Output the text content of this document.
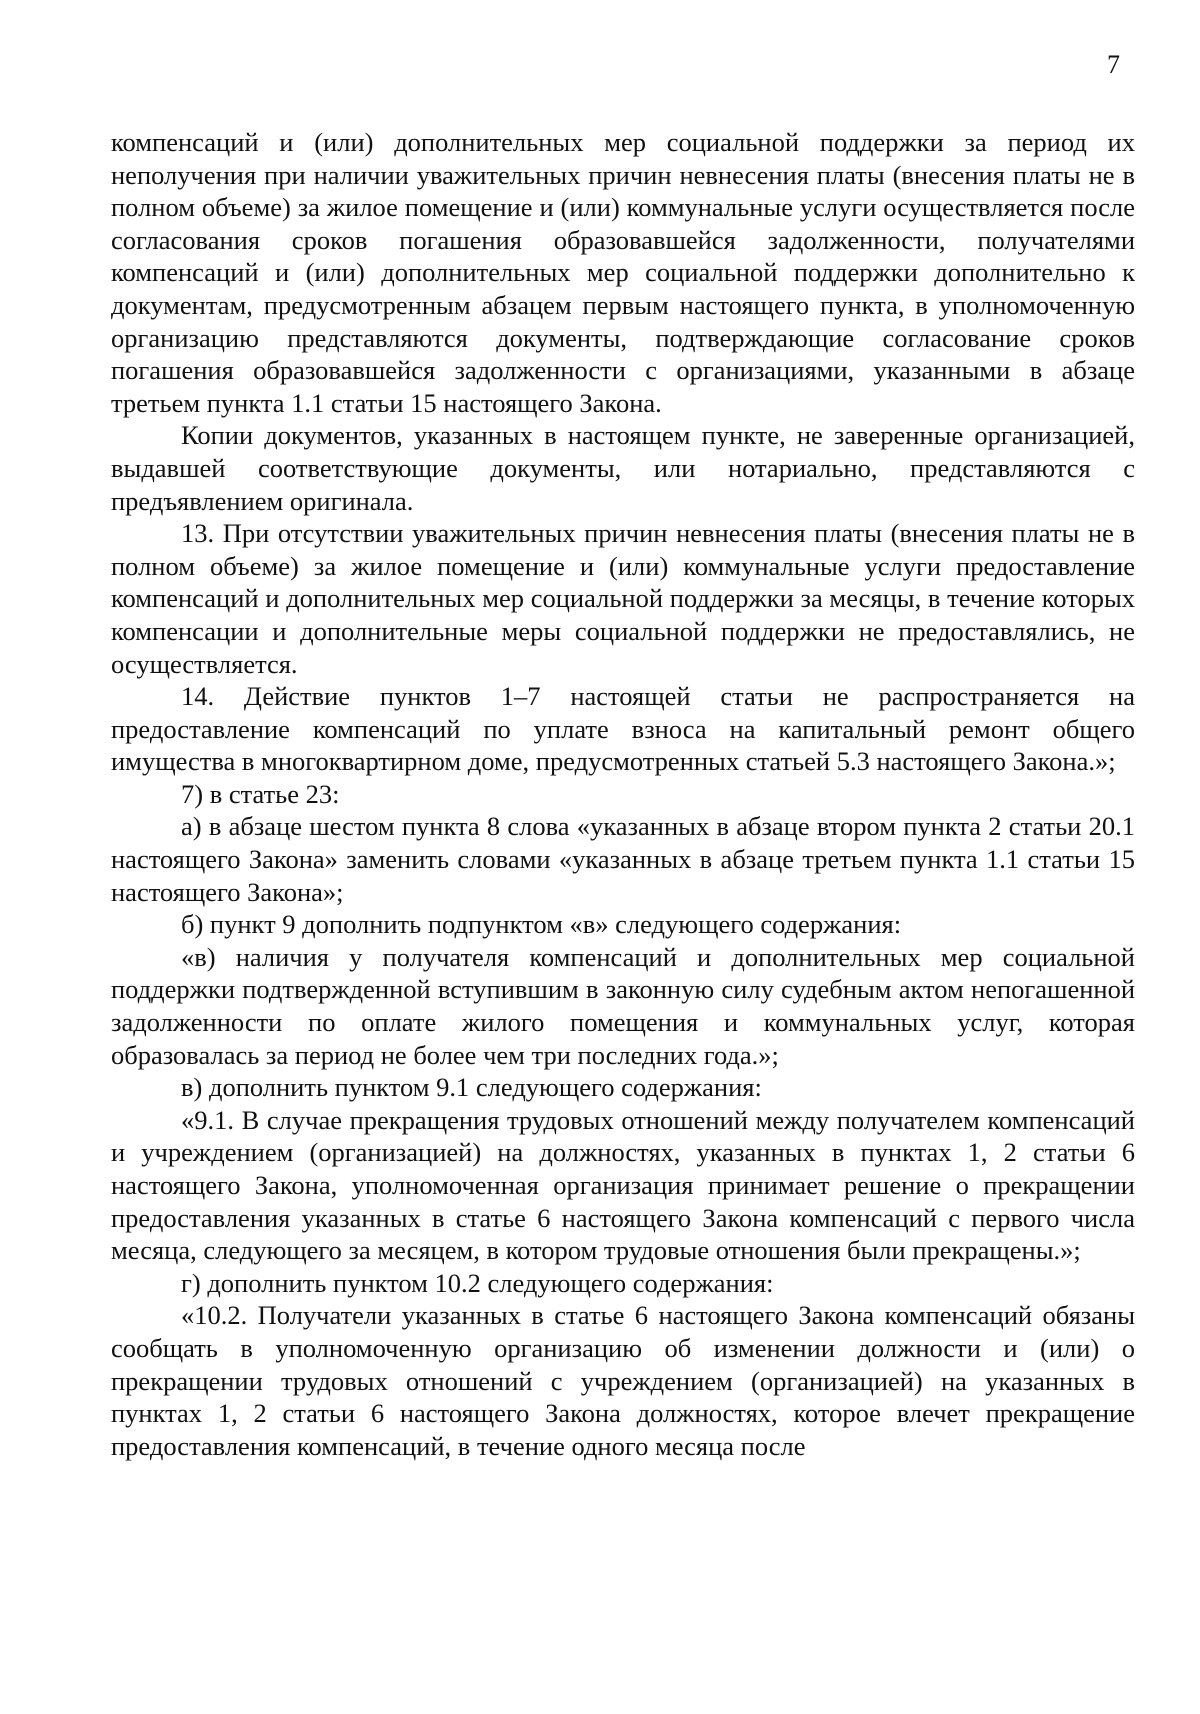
7

компенсаций и (или) дополнительных мер социальной поддержки за период их неполучения при наличии уважительных причин невнесения платы (внесения платы не в полном объеме) за жилое помещение и (или) коммунальные услуги осуществляется после согласования сроков погашения образовавшейся задолженности, получателями компенсаций и (или) дополнительных мер социальной поддержки дополнительно к документам, предусмотренным абзацем первым настоящего пункта, в уполномоченную организацию представляются документы, подтверждающие согласование сроков погашения образовавшейся задолженности с организациями, указанными в абзаце третьем пункта 1.1 статьи 15 настоящего Закона.

Копии документов, указанных в настоящем пункте, не заверенные организацией, выдавшей соответствующие документы, или нотариально, представляются с предъявлением оригинала.

13. При отсутствии уважительных причин невнесения платы (внесения платы не в полном объеме) за жилое помещение и (или) коммунальные услуги предоставление компенсаций и дополнительных мер социальной поддержки за месяцы, в течение которых компенсации и дополнительные меры социальной поддержки не предоставлялись, не осуществляется.

14. Действие пунктов 1–7 настоящей статьи не распространяется на предоставление компенсаций по уплате взноса на капитальный ремонт общего имущества в многоквартирном доме, предусмотренных статьей 5.3 настоящего Закона.»;

7) в статье 23:

а) в абзаце шестом пункта 8 слова «указанных в абзаце втором пункта 2 статьи 20.1 настоящего Закона» заменить словами «указанных в абзаце третьем пункта 1.1 статьи 15 настоящего Закона»;

б) пункт 9 дополнить подпунктом «в» следующего содержания:

«в) наличия у получателя компенсаций и дополнительных мер социальной поддержки подтвержденной вступившим в законную силу судебным актом непогашенной задолженности по оплате жилого помещения и коммунальных услуг, которая образовалась за период не более чем три последних года.»;

в) дополнить пунктом 9.1 следующего содержания:

«9.1. В случае прекращения трудовых отношений между получателем компенсаций и учреждением (организацией) на должностях, указанных в пунктах 1, 2 статьи 6 настоящего Закона, уполномоченная организация принимает решение о прекращении предоставления указанных в статье 6 настоящего Закона компенсаций с первого числа месяца, следующего за месяцем, в котором трудовые отношения были прекращены.»;

г) дополнить пунктом 10.2 следующего содержания:

«10.2. Получатели указанных в статье 6 настоящего Закона компенсаций обязаны сообщать в уполномоченную организацию об изменении должности и (или) о прекращении трудовых отношений с учреждением (организацией) на указанных в пунктах 1, 2 статьи 6 настоящего Закона должностях, которое влечет прекращение предоставления компенсаций, в течение одного месяца после
